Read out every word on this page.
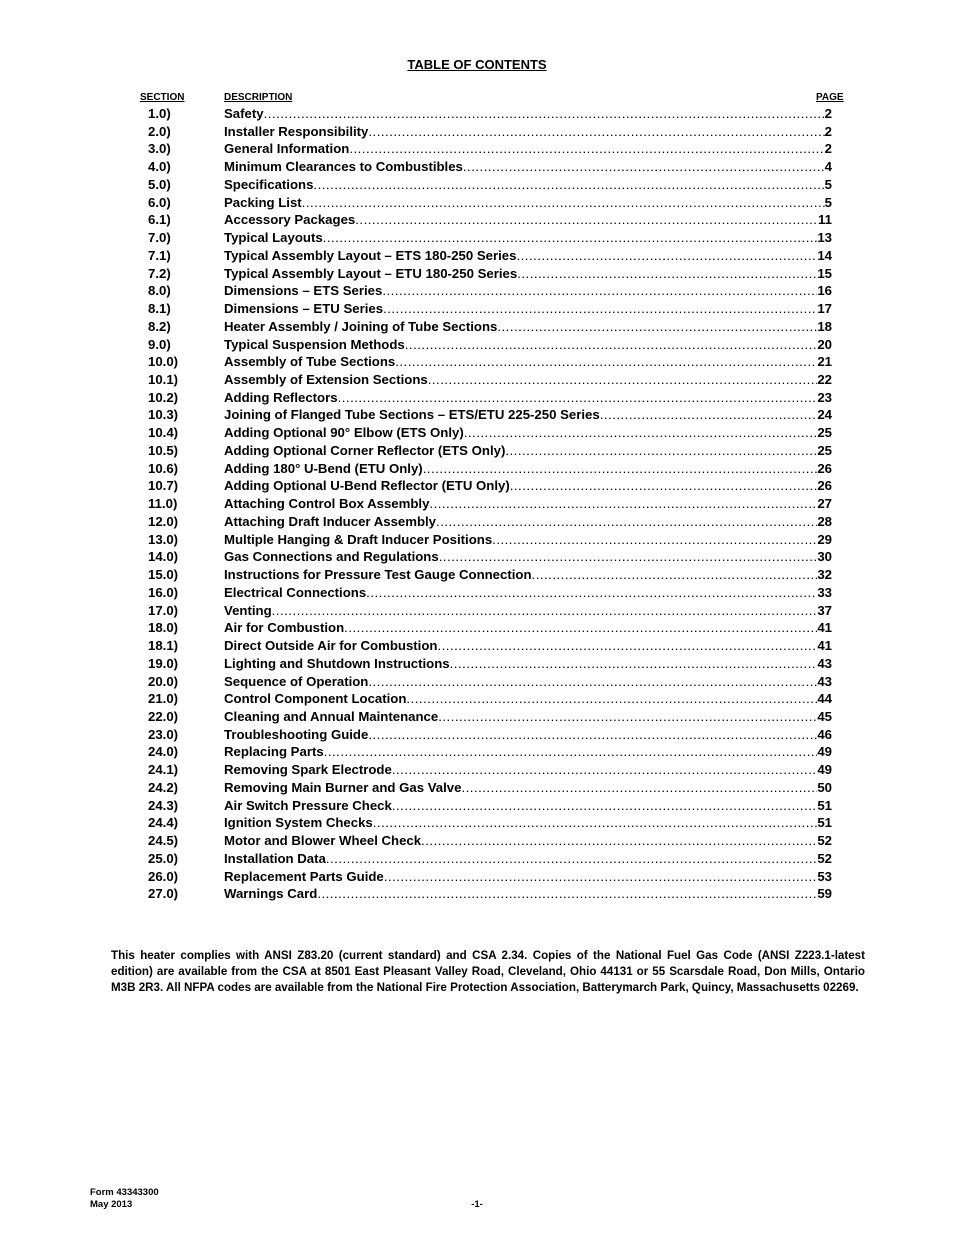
TABLE OF CONTENTS
SECTION	DESCRIPTION	PAGE
1.0)	Safety .....	2
2.0)	Installer Responsibility .....	2
3.0)	General Information .....	2
4.0)	Minimum Clearances to Combustibles .....	4
5.0)	Specifications .....	5
6.0)	Packing List .....	5
6.1)	Accessory Packages .....	11
7.0)	Typical Layouts .....	13
7.1)	Typical Assembly Layout – ETS 180-250 Series .....	14
7.2)	Typical Assembly Layout – ETU 180-250 Series .....	15
8.0)	Dimensions – ETS Series .....	16
8.1)	Dimensions – ETU Series .....	17
8.2)	Heater Assembly / Joining of Tube Sections .....	18
9.0)	Typical Suspension Methods .....	20
10.0)	Assembly of Tube Sections .....	21
10.1)	Assembly of Extension Sections .....	22
10.2)	Adding Reflectors .....	23
10.3)	Joining of Flanged Tube Sections – ETS/ETU 225-250 Series .....	24
10.4)	Adding Optional 90° Elbow (ETS Only) .....	25
10.5)	Adding Optional Corner Reflector (ETS Only) .....	25
10.6)	Adding 180° U-Bend (ETU Only) .....	26
10.7)	Adding Optional U-Bend Reflector (ETU Only) .....	26
11.0)	Attaching Control Box Assembly .....	27
12.0)	Attaching Draft Inducer Assembly .....	28
13.0)	Multiple Hanging & Draft Inducer Positions .....	29
14.0)	Gas Connections and Regulations .....	30
15.0)	Instructions for Pressure Test Gauge Connection .....	32
16.0)	Electrical Connections .....	33
17.0)	Venting .....	37
18.0)	Air for Combustion .....	41
18.1)	Direct Outside Air for Combustion .....	41
19.0)	Lighting and Shutdown Instructions .....	43
20.0)	Sequence of Operation .....	43
21.0)	Control Component Location .....	44
22.0)	Cleaning and Annual Maintenance .....	45
23.0)	Troubleshooting Guide .....	46
24.0)	Replacing Parts .....	49
24.1)	Removing Spark Electrode .....	49
24.2)	Removing Main Burner and Gas Valve .....	50
24.3)	Air Switch Pressure Check .....	51
24.4)	Ignition System Checks .....	51
24.5)	Motor and Blower Wheel Check .....	52
25.0)	Installation Data .....	52
26.0)	Replacement Parts Guide .....	53
27.0)	Warnings Card .....	59
This heater complies with ANSI Z83.20 (current standard) and CSA 2.34. Copies of the National Fuel Gas Code (ANSI Z223.1-latest edition) are available from the CSA at 8501 East Pleasant Valley Road, Cleveland, Ohio 44131 or 55 Scarsdale Road, Don Mills, Ontario M3B 2R3. All NFPA codes are available from the National Fire Protection Association, Batterymarch Park, Quincy, Massachusetts 02269.
Form 43343300
May 2013	-1-
